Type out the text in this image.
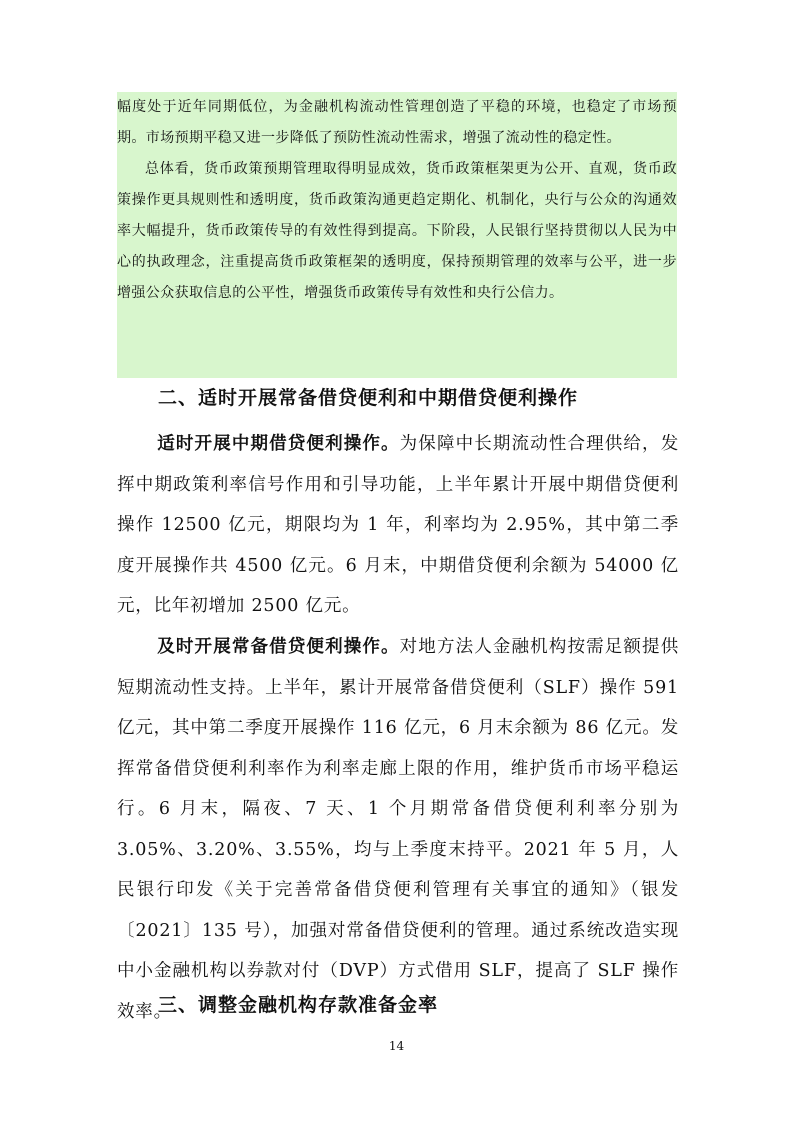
幅度处于近年同期低位，为金融机构流动性管理创造了平稳的环境，也稳定了市场预期。市场预期平稳又进一步降低了预防性流动性需求，增强了流动性的稳定性。

总体看，货币政策预期管理取得明显成效，货币政策框架更为公开、直观，货币政策操作更具规则性和透明度，货币政策沟通更趋定期化、机制化，央行与公众的沟通效率大幅提升，货币政策传导的有效性得到提高。下阶段，人民银行坚持贯彻以人民为中心的执政理念，注重提高货币政策框架的透明度，保持预期管理的效率与公平，进一步增强公众获取信息的公平性，增强货币政策传导有效性和央行公信力。

二、适时开展常备借贷便利和中期借贷便利操作

适时开展中期借贷便利操作。为保障中长期流动性合理供给，发挥中期政策利率信号作用和引导功能，上半年累计开展中期借贷便利操作 12500 亿元，期限均为 1 年，利率均为 2.95%，其中第二季度开展操作共 4500 亿元。6 月末，中期借贷便利余额为 54000 亿元，比年初增加 2500 亿元。

及时开展常备借贷便利操作。对地方法人金融机构按需足额提供短期流动性支持。上半年，累计开展常备借贷便利（SLF）操作 591 亿元，其中第二季度开展操作 116 亿元，6 月末余额为 86 亿元。发挥常备借贷便利利率作为利率走廊上限的作用，维护货币市场平稳运行。6 月末，隔夜、7 天、1 个月期常备借贷便利利率分别为 3.05%、3.20%、3.55%，均与上季度末持平。2021 年 5 月，人民银行印发《关于完善常备借贷便利管理有关事宜的通知》（银发〔2021〕135 号），加强对常备借贷便利的管理。通过系统改造实现中小金融机构以券款对付（DVP）方式借用 SLF，提高了 SLF 操作效率。

三、调整金融机构存款准备金率
14
